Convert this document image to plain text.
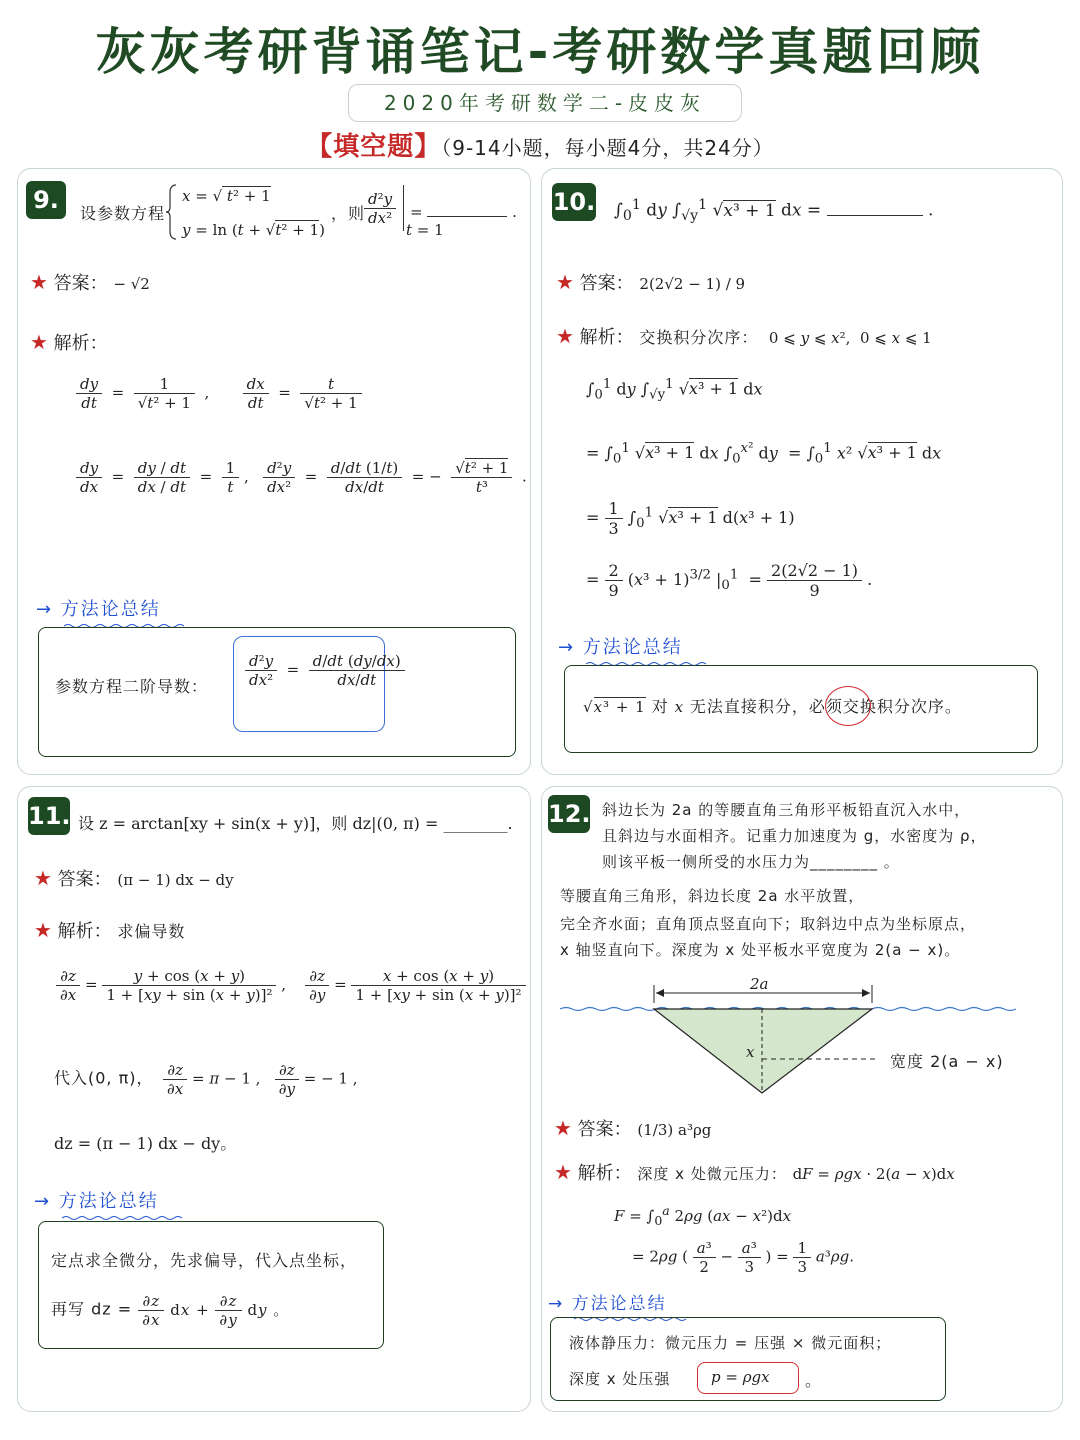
灰灰考研背诵笔记-考研数学真题回顾
2020年考研数学二-皮皮灰
【填空题】（9-14小题，每小题4分，共24分）
9.	设参数方程
x = √ t² + 1
y = ln (t + √t² + 1)
，则
$\frac{\text{d²y}}{\text{dx²}}$
=	.
t = 1
★ 答案： − √2
★ 解析：
$\frac{dy}{dt} = \frac{1}{\text{√t² + 1}}$ , $\frac{dx}{dt} = \frac{t}{\text{√t² + 1}}$
$\frac{dy}{dx} = \frac{dy / dt}{dx / dt} = \frac{1}{t}$ , $\frac{\text{d²y}}{\text{dx²}} = \frac{d/dt (1/t)}{dx/dt}$ = − $\frac{\text{√t² + 1}}{\text{t³}}$ .
→ 方法论总结
参数方程二阶导数： $\frac{\text{d²y}}{\text{dx²}} = \frac{d/dt (dy/dx)}{dx/dt}$
10. $\int_0^1$ dy $\int_{√y}^1$ √x³ + 1 dx =	.
★ 答案： 2(2√2 − 1) / 9
★ 解析： 交换积分次序：  0 ⩽ y ⩽ x²,  0 ⩽ x ⩽ 1
$\int_0^1$ dy $\int_{√y}^1$ √x³ + 1 dx
= $\int_0^1$ √x³ + 1 dx $\int_0^{x^2}$ dy  = $\int_0^1$ x² √x³ + 1 dx
= $\frac{1}{3} \int_0^1$ √x³ + 1 d(x³ + 1)
= $\frac{2}{9} (x^3 + 1)^{3/2}$ $|_0^1 = \frac{2(2√2 - 1)}{9}$ .
→ 方法论总结
√x³ + 1 对 x 无法直接积分，必须交换积分次序。
11. 设 z = arctan[xy + sin(x + y)]，则 dz|(0, π) = ________.
★ 答案： (π − 1) dx − dy
★ 解析： 求偏导数
$\frac{\partial z}{\partial x} = \frac{y + \cos (x + y)}{\text{1 + [xy + sin (x + y)]²}}$ , $\frac{\partial z}{\partial y} = \frac{x + \cos (x + y)}{\text{1 + [xy + sin (x + y)]²}}$
代入(0, π)， $\frac{\partial z}{\partial x} = \pi - 1$ , $\frac{\partial z}{\partial y}$ = − 1 ,
dz = (π − 1) dx − dy。
→ 方法论总结
定点求全微分，先求偏导，代入点坐标，
再写 dz = $\frac{\partial z}{\partial x}$ dx + $\frac{\partial z}{\partial y}$ dy 。
12. 斜边长为 2a 的等腰直角三角形平板铅直沉入水中，
且斜边与水面相齐。记重力加速度为 g，水密度为 ρ，
则该平板一侧所受的水压力为________ 。
等腰直角三角形，斜边长度 2a 水平放置，
完全齐水面；直角顶点竖直向下；取斜边中点为坐标原点，
x 轴竖直向下。深度为 x 处平板水平宽度为 2(a − x)。
2a
x	宽度 2(a − x)
★ 答案： (1/3) a³ρg
★ 解析： 深度 x 处微元压力： dF = ρgx · 2(a − x)dx
$F = \int_0^a$ 2ρg (ax − x²)dx
= 2ρg ( $\frac{\text{a³}}{2} - \frac{\text{a³}}{3}$ ) = $\frac{1}{3} a^3\rho g$.
→ 方法论总结
液体静压力：微元压力 = 压强 × 微元面积；
深度 x 处压强	p = ρgx 。
